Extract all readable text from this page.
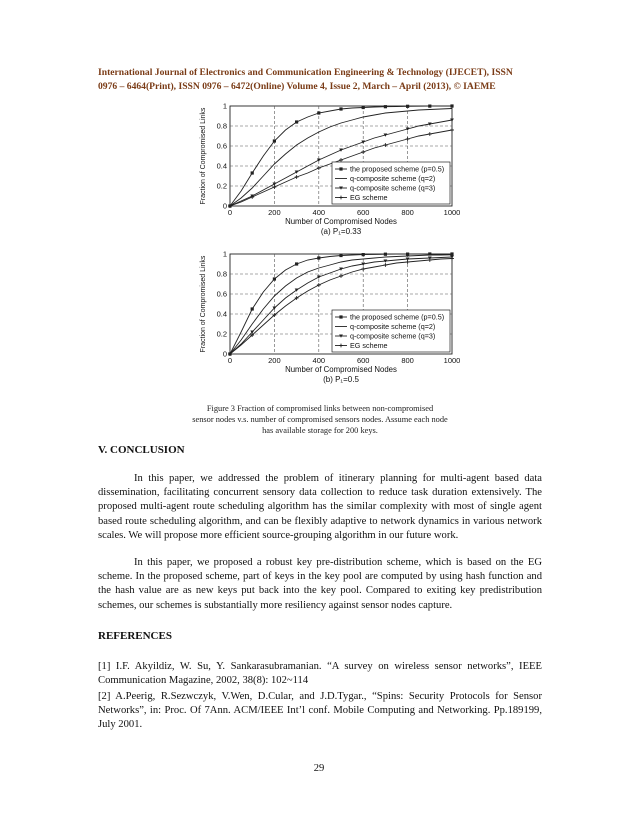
International Journal of Electronics and Communication Engineering & Technology (IJECET), ISSN
0976 – 6464(Print), ISSN 0976 – 6472(Online) Volume 4, Issue 2, March – April (2013), © IAEME
0	200	400	600	800	1000
0
0.2
0.4
0.6
0.8
1
Number of Compromised Nodes
Fraction of Compromised Links
(a) P₁=0.33
the proposed scheme (p=0.5)
q-composite scheme (q=2)
q-composite scheme (q=3)
EG scheme
0	200	400	600	800	1000
0
0.2
0.4
0.6
0.8
1
Number of Compromised Nodes
Fraction of Compromised Links
(b) P₁=0.5
the proposed scheme (p=0.5)
q-composite scheme (q=2)
q-composite scheme (q=3)
EG scheme
Figure 3 Fraction of compromised links between non-compromised
sensor nodes v.s. number of compromised sensors nodes. Assume each node
has available storage for 200 keys.
V. CONCLUSION

In this paper, we addressed the problem of itinerary planning for multi-agent based data dissemination, facilitating concurrent sensory data collection to reduce task duration extensively. The proposed multi-agent route scheduling algorithm has the similar complexity with most of single agent based route scheduling algorithm, and can be flexibly adaptive to network dynamics in various network scales. We will propose more efficient source-grouping algorithm in our future work.

In this paper, we proposed a robust key pre-distribution scheme, which is based on the EG scheme. In the proposed scheme, part of keys in the key pool are computed by using hash function and the hash value are as new keys put back into the key pool. Compared to exiting key predistribution schemes, our schemes is substantially more resiliency against sensor nodes capture.

REFERENCES

[1] I.F. Akyildiz, W. Su, Y. Sankarasubramanian. “A survey on wireless sensor networks”, IEEE Communication Magazine, 2002, 38(8): 102~114

[2] A.Peerig, R.Sezwczyk, V.Wen, D.Cular, and J.D.Tygar., “Spins: Security Protocols for Sensor Networks”, in: Proc. Of 7Ann. ACM/IEEE Int’l conf. Mobile Computing and Networking. Pp.189199, July 2001.

29
